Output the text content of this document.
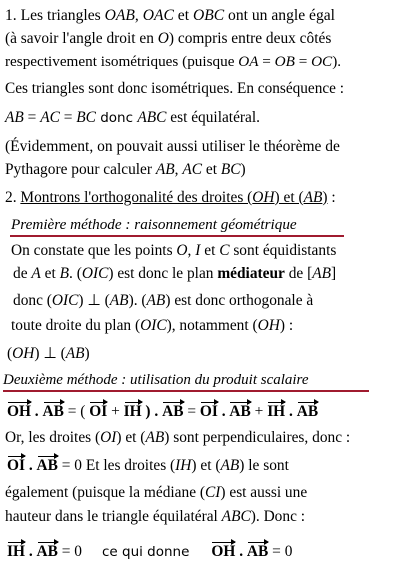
1. Les triangles OAB, OAC et OBC ont un angle égal
(à savoir l'angle droit en O) compris entre deux côtés
respectivement isométriques (puisque OA = OB = OC).
Ces triangles sont donc isométriques. En conséquence :
AB = AC = BC donc ABC est équilatéral.
(Évidemment, on pouvait aussi utiliser le théorème de
Pythagore pour calculer AB, AC et BC)
2. Montrons l'orthogonalité des droites (OH) et (AB) :
Première méthode : raisonnement géométrique
On constate que les points O, I et C sont équidistants
de A et B. (OIC) est donc le plan médiateur de [AB]
donc (OIC) ⊥ (AB). (AB) est donc orthogonale à
toute droite du plan (OIC), notamment (OH) :
(OH) ⊥ (AB)
Deuxième méthode : utilisation du produit scalaire
OH . AB = ( OI + IH ) . AB = OI . AB + IH . AB
Or, les droites (OI) et (AB) sont perpendiculaires, donc :
OI . AB = 0 Et les droites (IH) et (AB) le sont
également (puisque la médiane (CI) est aussi une
hauteur dans le triangle équilatéral ABC). Donc :
IH . AB = 0 ce qui donne OH . AB = 0
